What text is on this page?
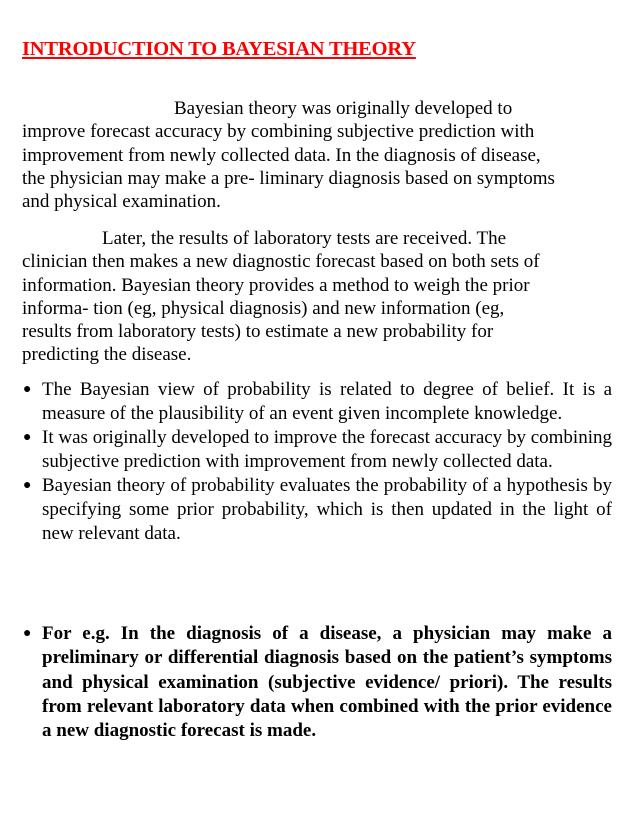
INTRODUCTION TO BAYESIAN THEORY

Bayesian theory was originally developed to
improve forecast accuracy by combining subjective prediction with
improvement from newly collected data. In the diagnosis of disease,
the physician may make a pre- liminary diagnosis based on symptoms
and physical examination.

Later, the results of laboratory tests are received. The
clinician then makes a new diagnostic forecast based on both sets of
information. Bayesian theory provides a method to weigh the prior
informa- tion (eg, physical diagnosis) and new information (eg,
results from laboratory tests) to estimate a new probability for
predicting the disease.

● The Bayesian view of probability is related to degree of belief. It is a measure of the plausibility of an event given incomplete knowledge.
● It was originally developed to improve the forecast accuracy by combining subjective prediction with improvement from newly collected data.
● Bayesian theory of probability evaluates the probability of a hypothesis by specifying some prior probability, which is then updated in the light of new relevant data.
● For e.g. In the diagnosis of a disease, a physician may make a preliminary or differential diagnosis based on the patient’s symptoms and physical examination (subjective evidence/ priori). The results from relevant laboratory data when combined with the prior evidence a new diagnostic forecast is made.
